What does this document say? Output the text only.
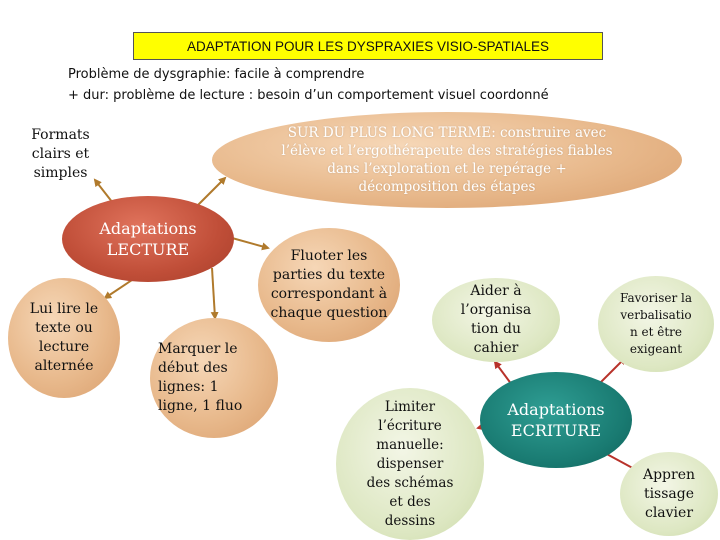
ADAPTATION POUR LES DYSPRAXIES VISIO-SPATIALES
Problème de dysgraphie: facile à comprendre
+ dur: problème de lecture : besoin d’un comportement visuel coordonné
Formats
clairs et
simples
SUR DU PLUS LONG TERME: construire avec
l’élève et l’ergothérapeute des stratégies fiables
dans l’exploration et le repérage +
décomposition des étapes
Adaptations
LECTURE	Fluoter les
parties du texte
correspondant à
chaque question
Lui lire le
texte ou
lecture
alternée
Marquer le
début des
lignes: 1
ligne, 1 fluo
Aider à
l’organisa
tion du
cahier
Favoriser la
verbalisatio
n et être
exigeant
Limiter
l’écriture
manuelle:
dispenser
des schémas
et des
dessins
Adaptations
ECRITURE
Appren
tissage
clavier
